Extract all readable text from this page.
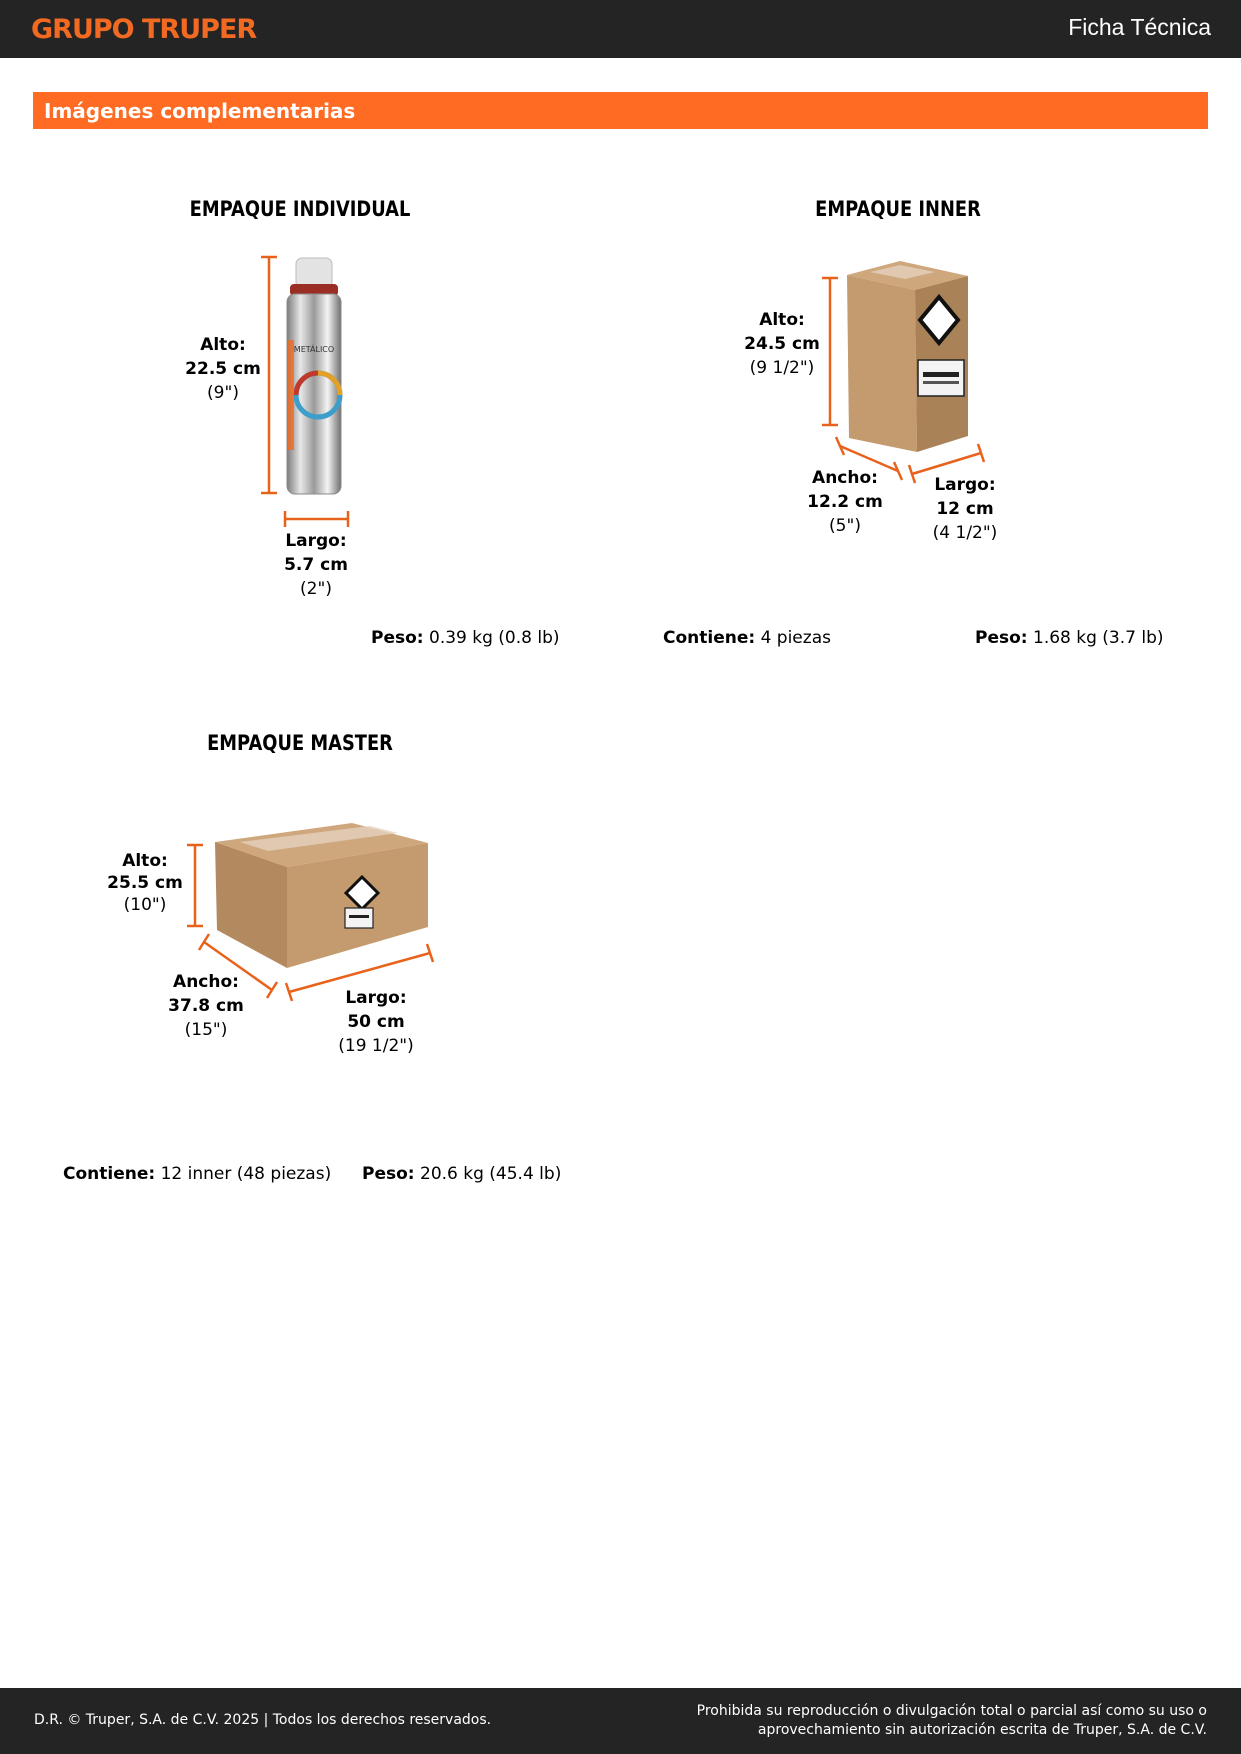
GRUPO TRUPER	Ficha Técnica
Imágenes complementarias
METÁLICO
EMPAQUE INDIVIDUAL
Alto:
22.5 cm
(9")
Largo:
5.7 cm
(2")
Peso: 0.39 kg (0.8 lb)
EMPAQUE INNER
Alto:
24.5 cm
(9 1/2")
Ancho:
12.2 cm
(5")
Largo:
12 cm
(4 1/2")
Contiene: 4 piezas	Peso: 1.68 kg (3.7 lb)
EMPAQUE MASTER
Alto:
25.5 cm
(10")
Ancho:
37.8 cm
(15")
Largo:
50 cm
(19 1/2")
Contiene: 12 inner (48 piezas) Peso: 20.6 kg (45.4 lb)
D.R. © Truper, S.A. de C.V. 2025 | Todos los derechos reservados.
Prohibida su reproducción o divulgación total o parcial así como su uso o
aprovechamiento sin autorización escrita de Truper, S.A. de C.V.
